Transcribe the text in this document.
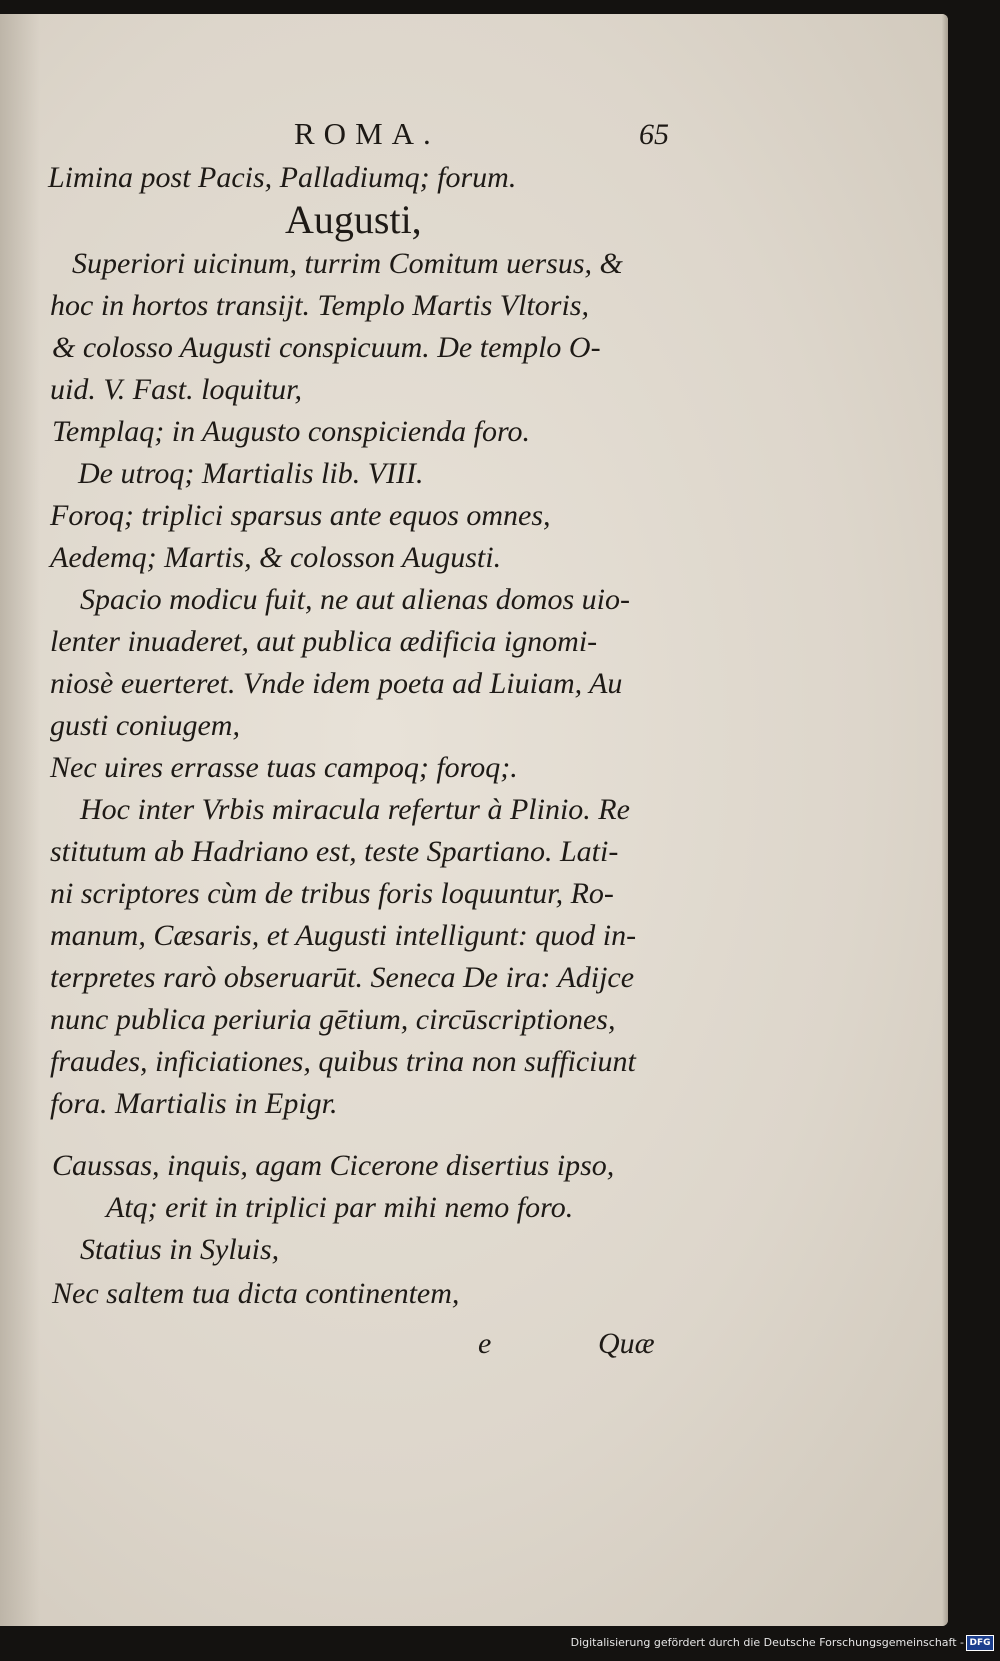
ROMA.	65
Limina post Pacis, Palladiumq; forum.
Augusti,
Superiori uicinum, turrim Comitum uersus, &
hoc in hortos transijt. Templo Martis Vltoris,
& colosso Augusti conspicuum. De templo O-
uid. V. Fast. loquitur,
Templaq; in Augusto conspicienda foro.
De utroq; Martialis lib. VIII.
Foroq; triplici sparsus ante equos omnes,
Aedemq; Martis, & colosson Augusti.
Spacio modicu fuit, ne aut alienas domos uio-
lenter inuaderet, aut publica ædificia ignomi-
niosè euerteret. Vnde idem poeta ad Liuiam, Au
gusti coniugem,
Nec uires errasse tuas campoq; foroq;.
Hoc inter Vrbis miracula refertur à Plinio. Re
stitutum ab Hadriano est, teste Spartiano. Lati-
ni scriptores cùm de tribus foris loquuntur, Ro-
manum, Cæsaris, et Augusti intelligunt: quod in-
terpretes rarò obseruarūt. Seneca De ira: Adijce
nunc publica periuria gētium, circūscriptiones,
fraudes, inficiationes, quibus trina non sufficiunt
fora. Martialis in Epigr.
Caussas, inquis, agam Cicerone disertius ipso,
Atq; erit in triplici par mihi nemo foro.
Statius in Syluis,
Nec saltem tua dicta continentem,
e	Quæ
Digitalisierung gefördert durch die Deutsche Forschungsgemeinschaft - DFG
